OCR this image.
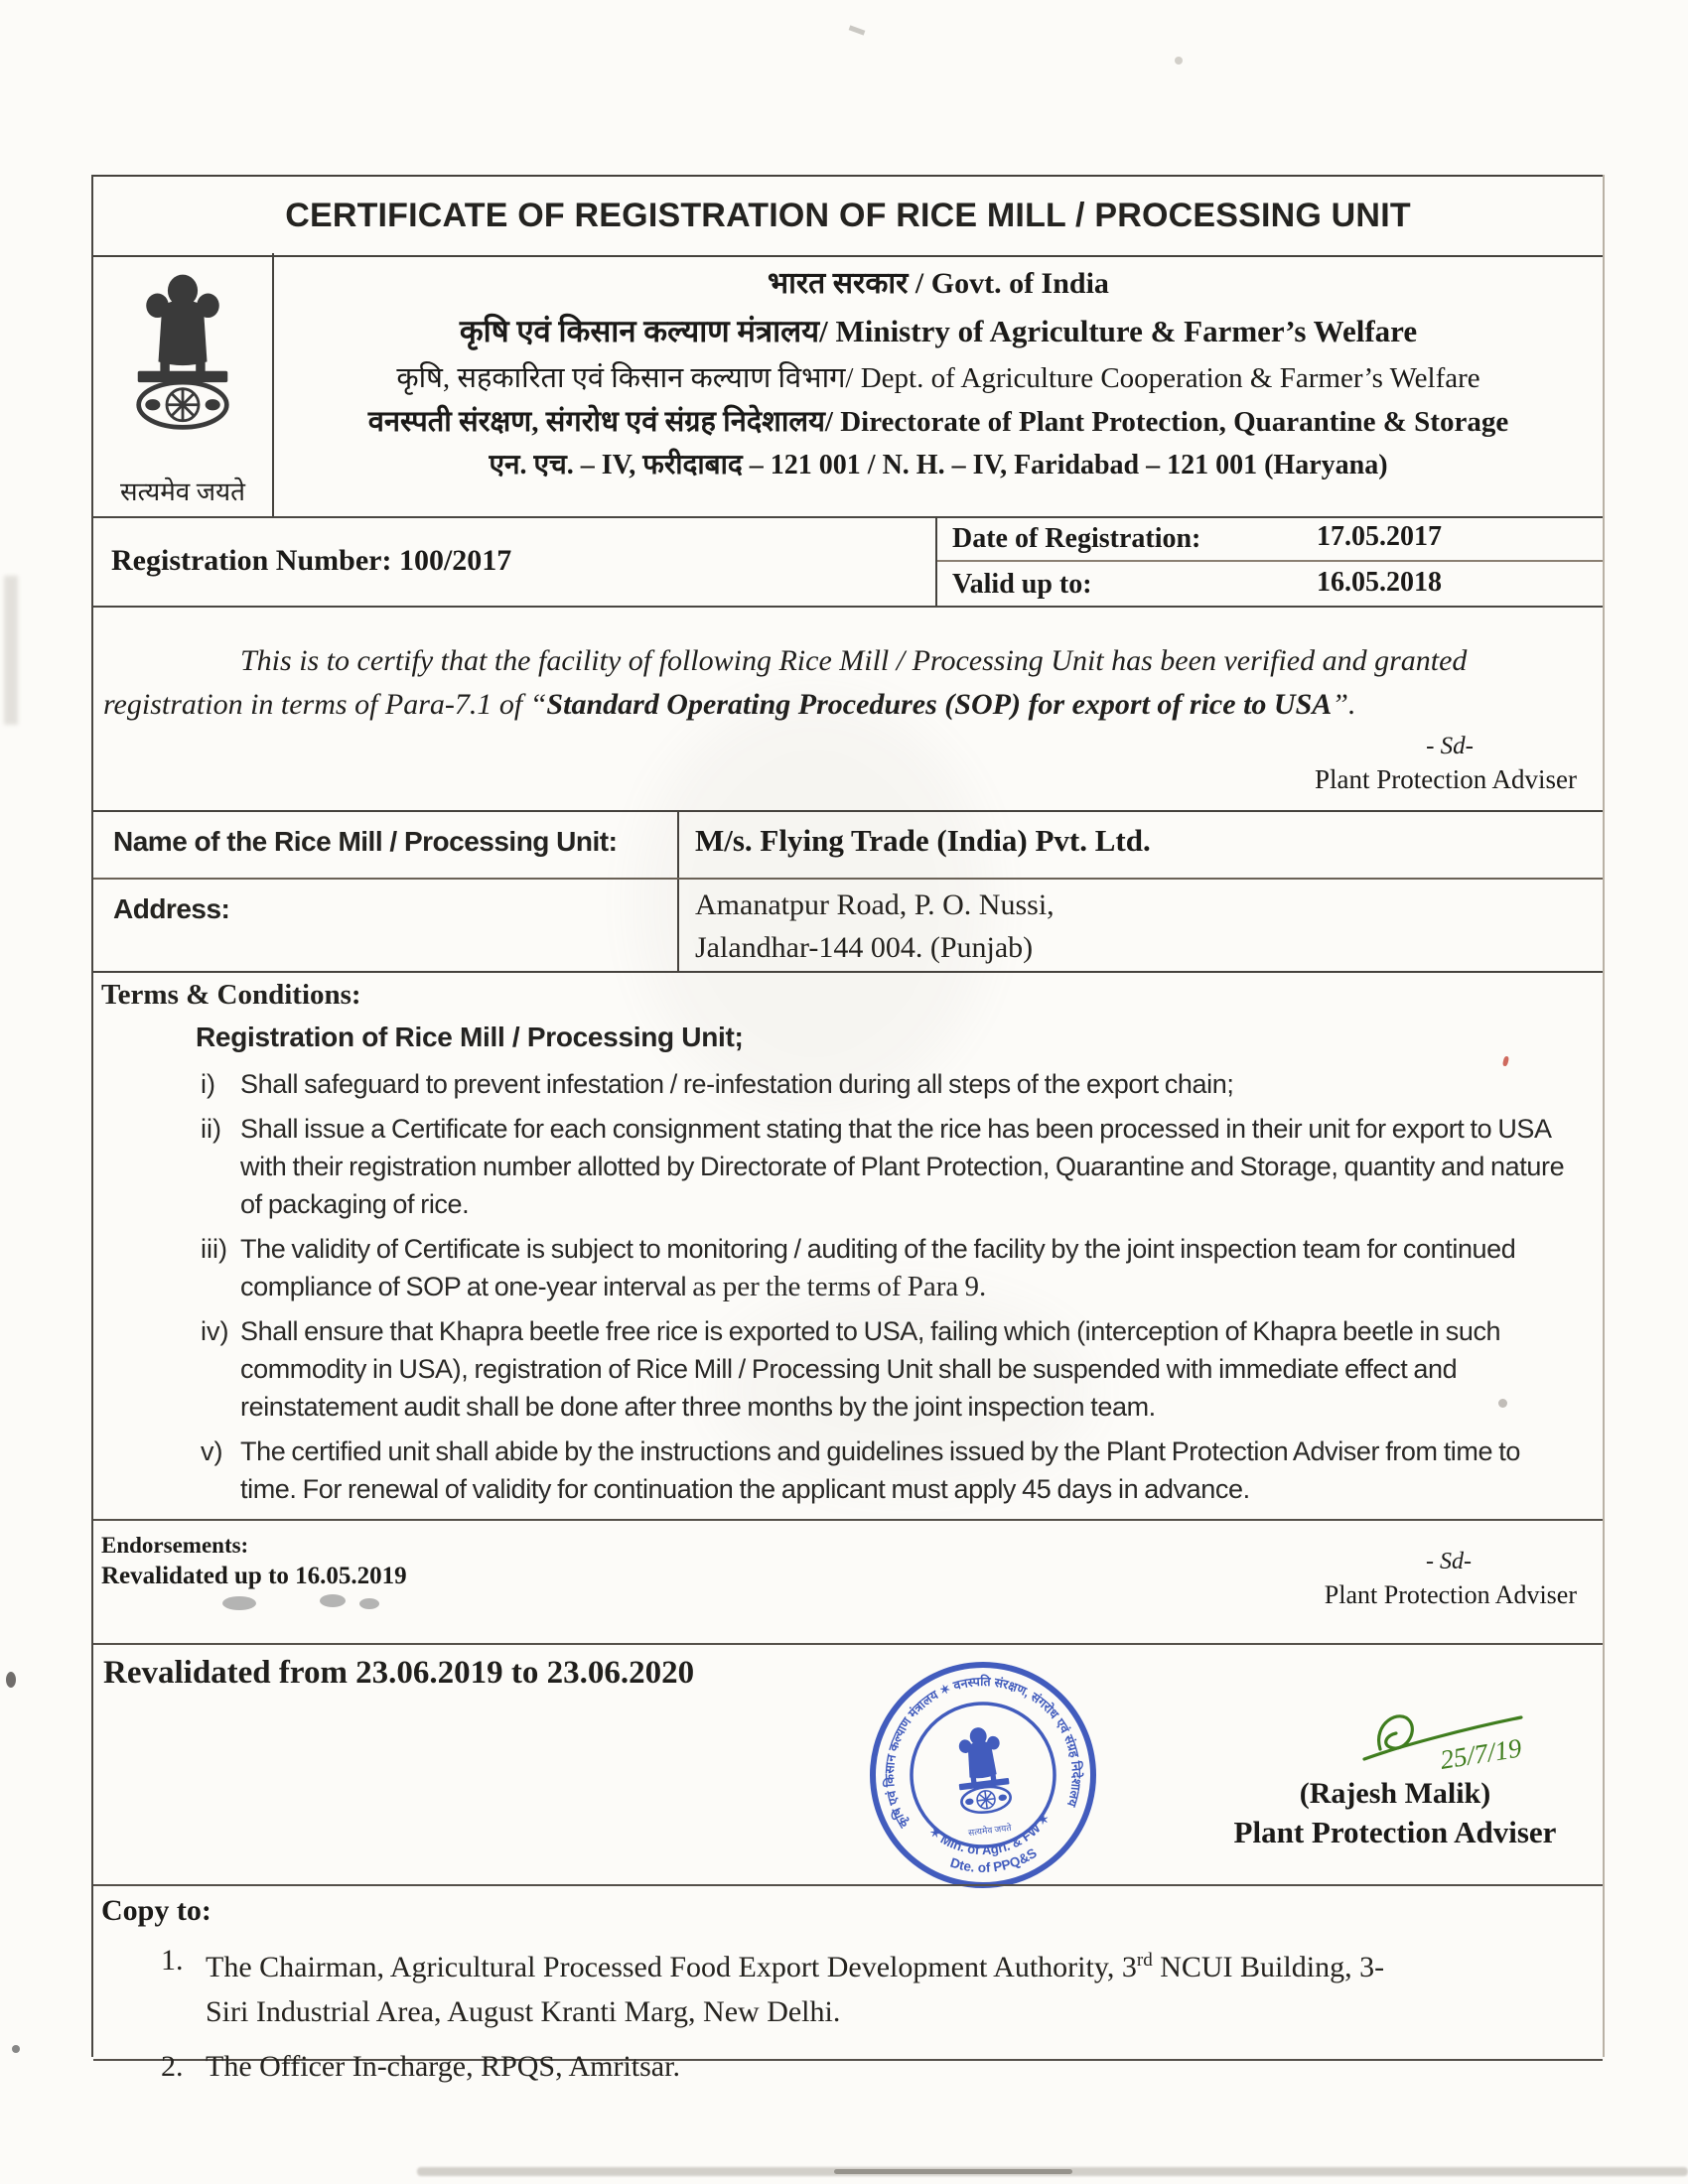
CERTIFICATE OF REGISTRATION OF RICE MILL / PROCESSING UNIT
सत्यमेव जयते
भारत सरकार / Govt. of India
कृषि एवं किसान कल्याण मंत्रालय/ Ministry of Agriculture & Farmer’s Welfare
कृषि, सहकारिता एवं किसान कल्याण विभाग/ Dept. of Agriculture Cooperation & Farmer’s Welfare
वनस्पती संरक्षण, संगरोध एवं संग्रह निदेशालय/ Directorate of Plant Protection, Quarantine & Storage
एन. एच. – IV, फरीदाबाद – 121 001 / N. H. – IV, Faridabad – 121 001 (Haryana)
Registration Number: 100/2017
Date of Registration:	17.05.2017
Valid up to:	16.05.2018
This is to certify that the facility of following Rice Mill / Processing Unit has been verified and granted registration in terms of Para-7.1 of “Standard Operating Procedures (SOP) for export of rice to USA”.
- Sd-
Plant Protection Adviser
Name of the Rice Mill / Processing Unit:	M/s. Flying Trade (India) Pvt. Ltd.
Address:	Amanatpur Road, P. O. Nussi,
Jalandhar-144 004. (Punjab)
Terms & Conditions:
Registration of Rice Mill / Processing Unit;
i) Shall safeguard to prevent infestation / re-infestation during all steps of the export chain;
ii) Shall issue a Certificate for each consignment stating that the rice has been processed in their unit for export to USA with their registration number allotted by Directorate of Plant Protection, Quarantine and Storage, quantity and nature of packaging of rice.
iii) The validity of Certificate is subject to monitoring / auditing of the facility by the joint inspection team for continued compliance of SOP at one-year interval as per the terms of Para 9.
iv) Shall ensure that Khapra beetle free rice is exported to USA, failing which (interception of Khapra beetle in such commodity in USA), registration of Rice Mill / Processing Unit shall be suspended with immediate effect and reinstatement audit shall be done after three months by the joint inspection team.
v) The certified unit shall abide by the instructions and guidelines issued by the Plant Protection Adviser from time to time. For renewal of validity for continuation the applicant must apply 45 days in advance.
Endorsements:
Revalidated up to 16.05.2019
- Sd-
Plant Protection Adviser
Revalidated from 23.06.2019 to 23.06.2020
कृषि एवं किसान कल्याण मंत्रालय ✶ वनस्पति संरक्षण, संगरोध एवं संग्रह निदेशालय
✶ Min. of Agri. & FW ✶
Dte. of PPQ&S
सत्यमेव जयते
25/7/19
(Rajesh Malik)
Plant Protection Adviser
Copy to:
1. The Chairman, Agricultural Processed Food Export Development Authority, 3rd NCUI Building, 3-
Siri Industrial Area, August Kranti Marg, New Delhi.
2. The Officer In-charge, RPQS, Amritsar.
